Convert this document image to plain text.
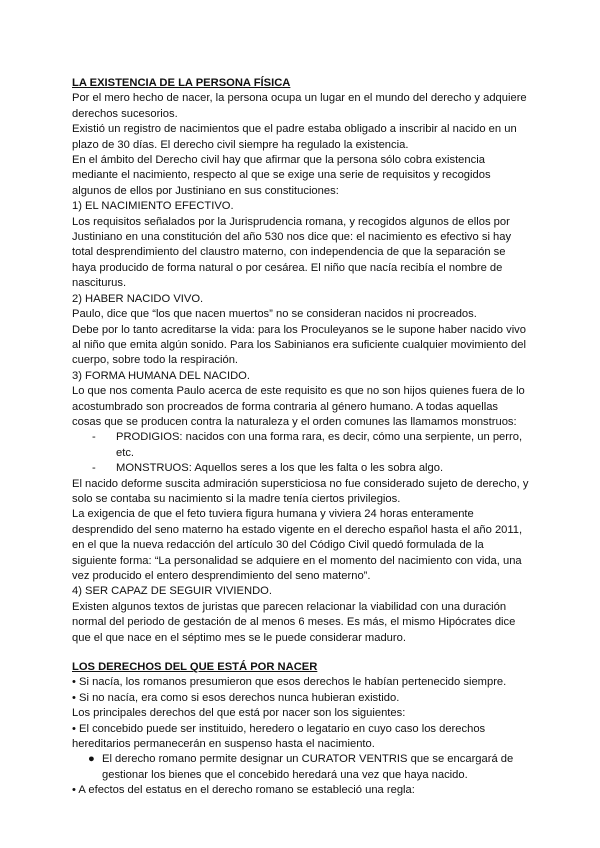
LA EXISTENCIA DE LA PERSONA FÍSICA

Por el mero hecho de nacer, la persona ocupa un lugar en el mundo del derecho y adquiere derechos sucesorios.

Existió un registro de nacimientos que el padre estaba obligado a inscribir al nacido en un plazo de 30 días. El derecho civil siempre ha regulado la existencia.

En el ámbito del Derecho civil hay que afirmar que la persona sólo cobra existencia mediante el nacimiento, respecto al que se exige una serie de requisitos y recogidos algunos de ellos por Justiniano en sus constituciones:

1) EL NACIMIENTO EFECTIVO.

Los requisitos señalados por la Jurisprudencia romana, y recogidos algunos de ellos por Justiniano en una constitución del año 530 nos dice que: el nacimiento es efectivo si hay total desprendimiento del claustro materno, con independencia de que la separación se haya producido de forma natural o por cesárea. El niño que nacía recibía el nombre de nasciturus.

2) HABER NACIDO VIVO.

Paulo, dice que “los que nacen muertos” no se consideran nacidos ni procreados.

Debe por lo tanto acreditarse la vida: para los Proculeyanos se le supone haber nacido vivo al niño que emita algún sonido. Para los Sabinianos era suficiente cualquier movimiento del cuerpo, sobre todo la respiración.

3) FORMA HUMANA DEL NACIDO.

Lo que nos comenta Paulo acerca de este requisito es que no son hijos quienes fuera de lo acostumbrado son procreados de forma contraria al género humano. A todas aquellas cosas que se producen contra la naturaleza y el orden comunes las llamamos monstruos:

- PRODIGIOS: nacidos con una forma rara, es decir, cómo una serpiente, un perro, etc.
- MONSTRUOS: Aquellos seres a los que les falta o les sobra algo.

El nacido deforme suscita admiración supersticiosa no fue considerado sujeto de derecho, y solo se contaba su nacimiento si la madre tenía ciertos privilegios.

La exigencia de que el feto tuviera figura humana y viviera 24 horas enteramente desprendido del seno materno ha estado vigente en el derecho español hasta el año 2011, en el que la nueva redacción del artículo 30 del Código Civil quedó formulada de la siguiente forma: “La personalidad se adquiere en el momento del nacimiento con vida, una vez producido el entero desprendimiento del seno materno”.

4) SER CAPAZ DE SEGUIR VIVIENDO.

Existen algunos textos de juristas que parecen relacionar la viabilidad con una duración normal del periodo de gestación de al menos 6 meses. Es más, el mismo Hipócrates dice que el que nace en el séptimo mes se le puede considerar maduro.

LOS DERECHOS DEL QUE ESTÁ POR NACER

• Si nacía, los romanos presumieron que esos derechos le habían pertenecido siempre.

• Si no nacía, era como si esos derechos nunca hubieran existido.

Los principales derechos del que está por nacer son los siguientes:

• El concebido puede ser instituido, heredero o legatario en cuyo caso los derechos hereditarios permanecerán en suspenso hasta el nacimiento.

● El derecho romano permite designar un CURATOR VENTRIS que se encargará de gestionar los bienes que el concebido heredará una vez que haya nacido.

• A efectos del estatus en el derecho romano se estableció una regla:
